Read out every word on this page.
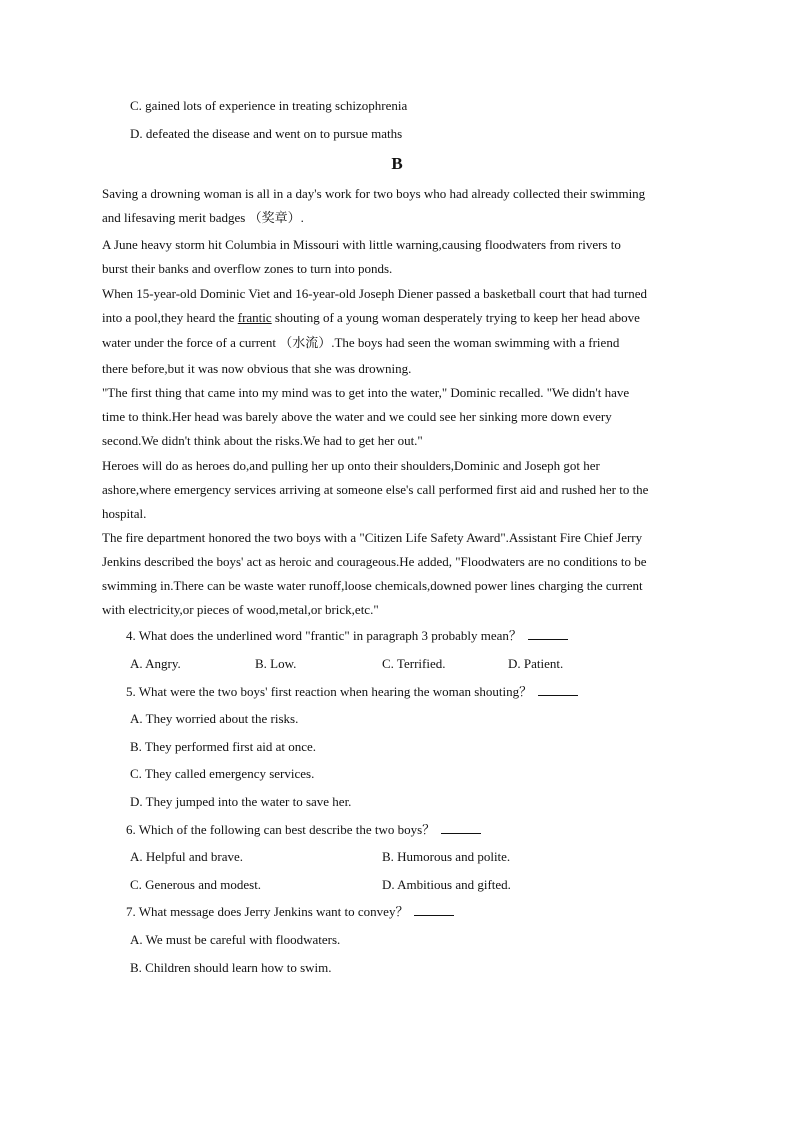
C. gained lots of experience in treating schizophrenia
D. defeated the disease and went on to pursue maths
B
Saving a drowning woman is all in a day's work for two boys who had already collected their swimming
and lifesaving merit badges （奖章）.
A June heavy storm hit Columbia in Missouri with little warning,causing floodwaters from rivers to
burst their banks and overflow zones to turn into ponds.
When 15-year-old Dominic Viet and 16-year-old Joseph Diener passed a basketball court that had turned
into a pool,they heard the frantic shouting of a young woman desperately trying to keep her head above
water under the force of a current （水流）.The boys had seen the woman swimming with a friend
there before,but it was now obvious that she was drowning.
"The first thing that came into my mind was to get into the water," Dominic recalled. "We didn't have
time to think.Her head was barely above the water and we could see her sinking more down every
second.We didn't think about the risks.We had to get her out."
Heroes will do as heroes do,and pulling her up onto their shoulders,Dominic and Joseph got her
ashore,where emergency services arriving at someone else's call performed first aid and rushed her to the
hospital.
The fire department honored the two boys with a "Citizen Life Safety Award".Assistant Fire Chief Jerry
Jenkins described the boys' act as heroic and courageous.He added, "Floodwaters are no conditions to be
swimming in.There can be waste water runoff,loose chemicals,downed power lines charging the current
with electricity,or pieces of wood,metal,or brick,etc."
4. What does the underlined word "frantic" in paragraph 3 probably mean？
A. Angry.	B. Low.	C. Terrified.	D. Patient.
5. What were the two boys' first reaction when hearing the woman shouting？
A. They worried about the risks.
B. They performed first aid at once.
C. They called emergency services.
D. They jumped into the water to save her.
6. Which of the following can best describe the two boys？
A. Helpful and brave.	B. Humorous and polite.
C. Generous and modest.	D. Ambitious and gifted.
7. What message does Jerry Jenkins want to convey？
A. We must be careful with floodwaters.
B. Children should learn how to swim.
